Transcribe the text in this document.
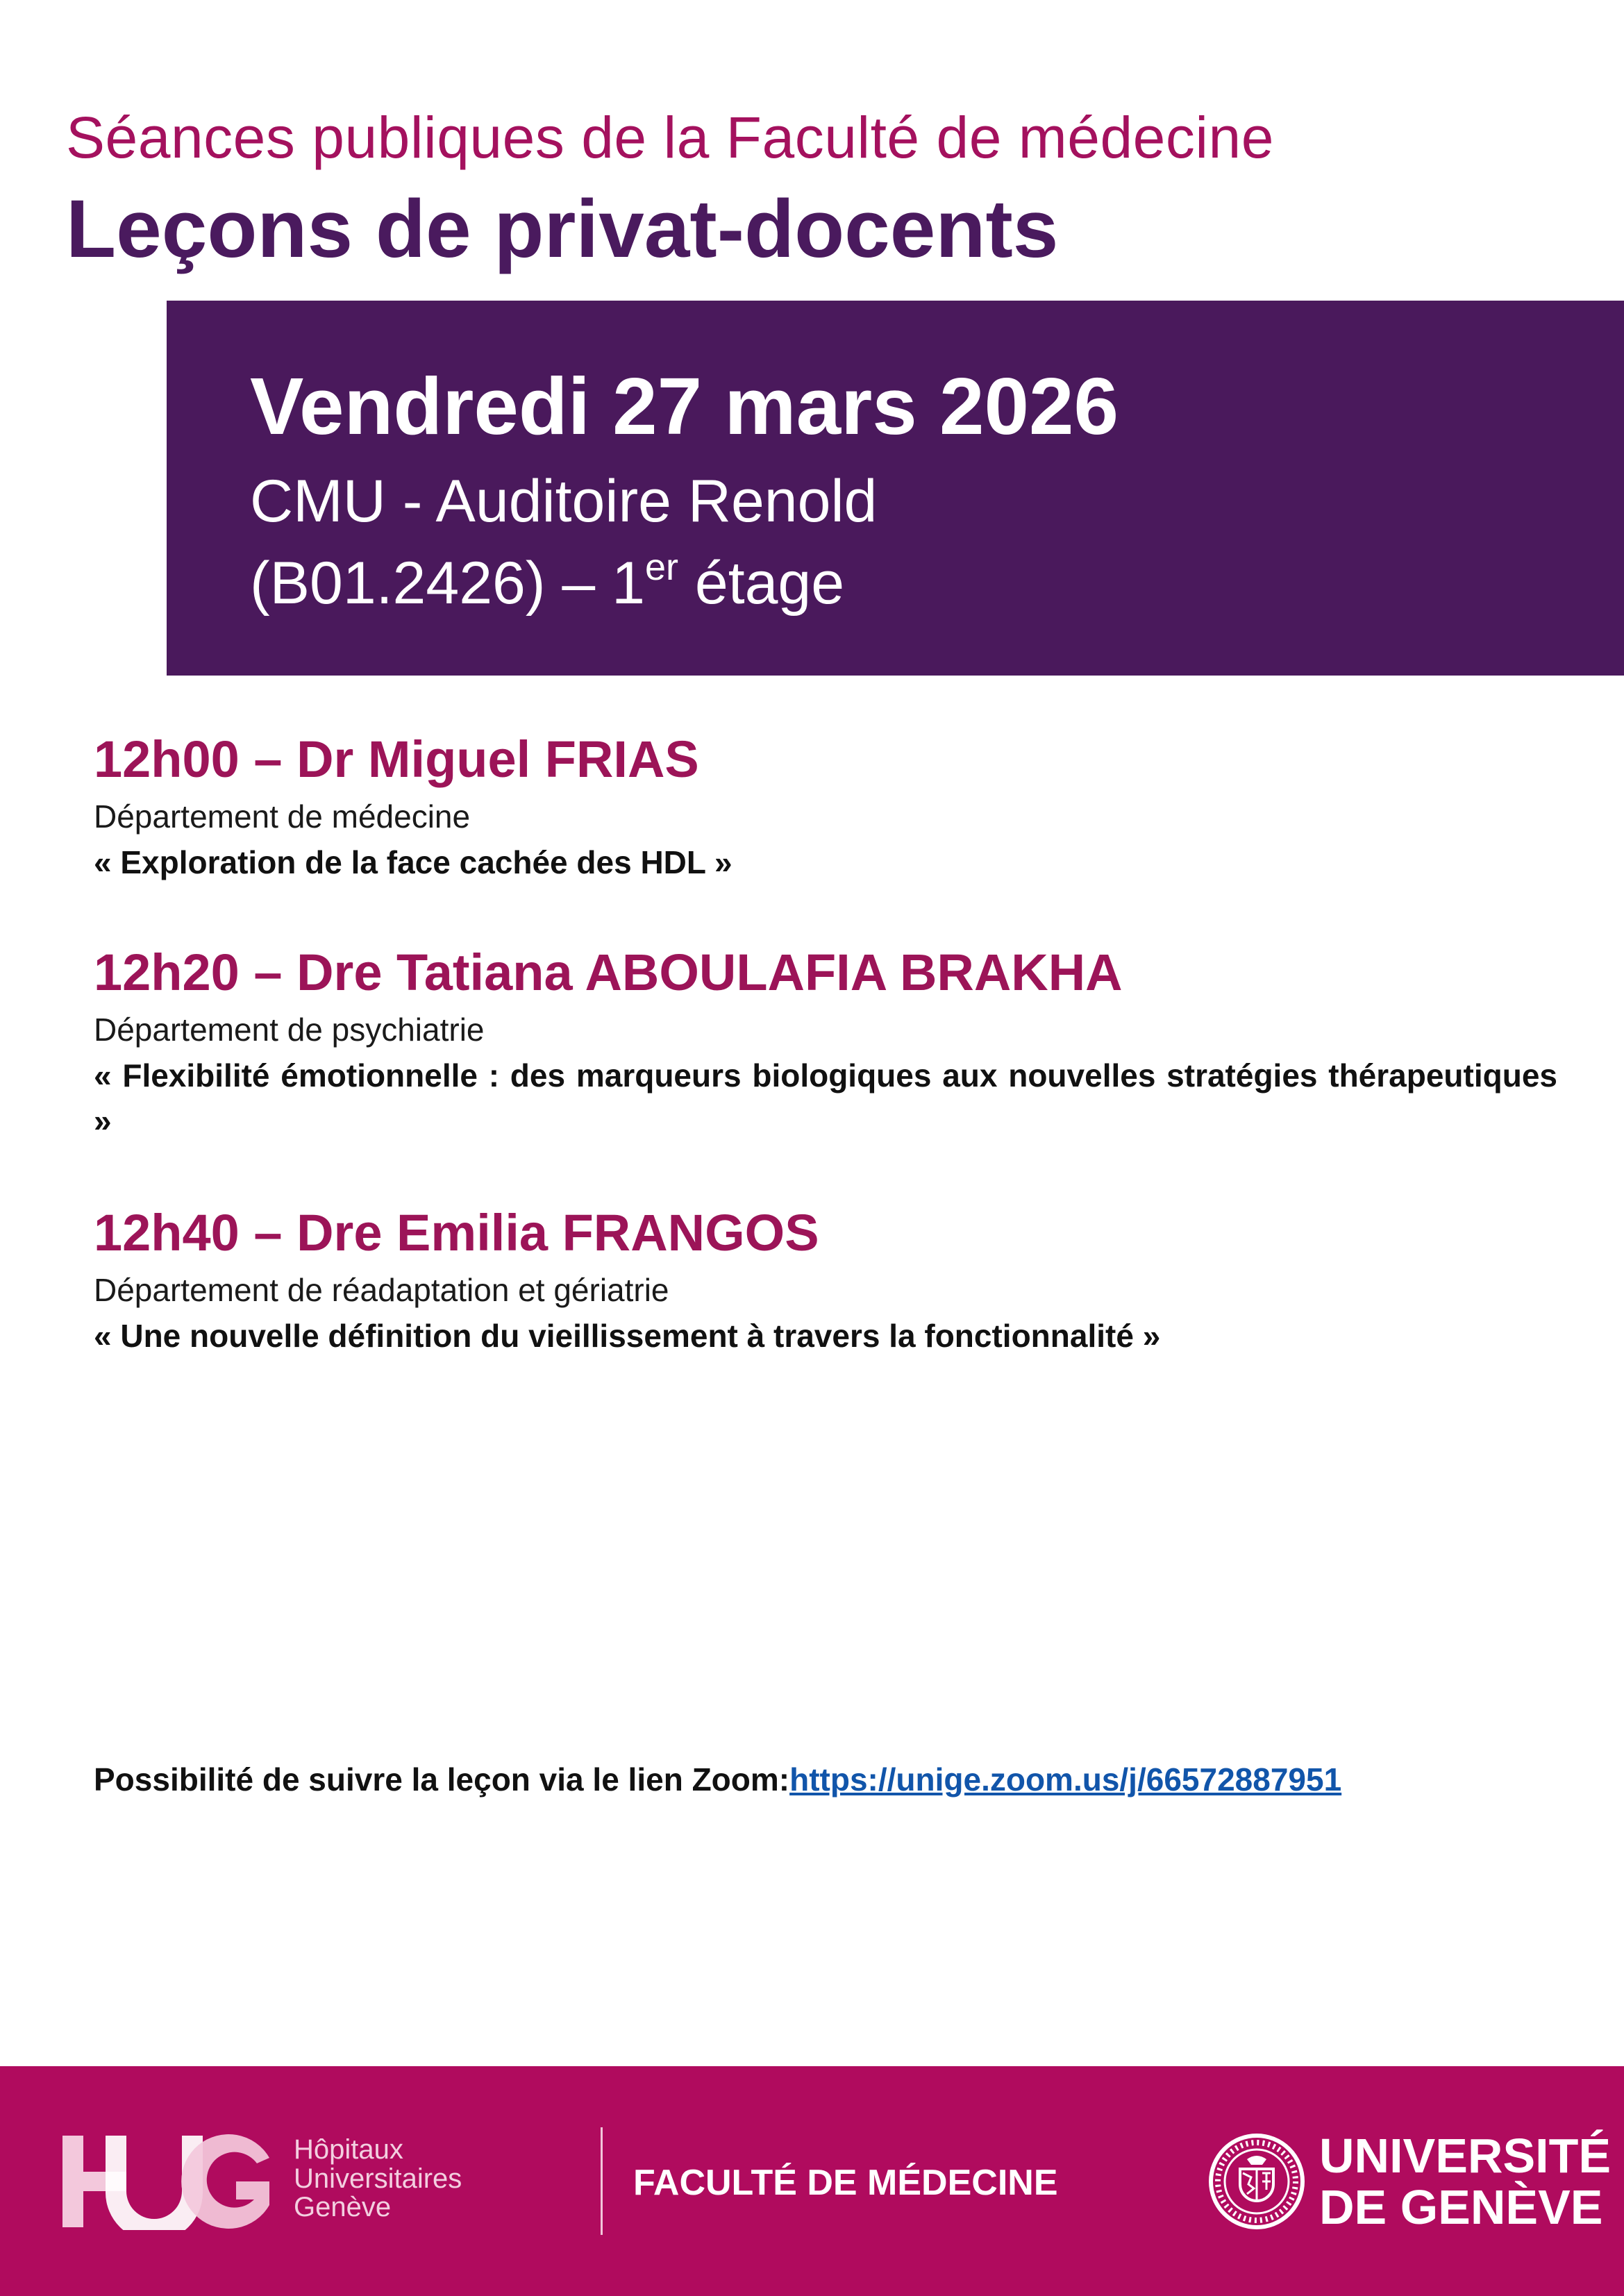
Séances publiques de la Faculté de médecine
Leçons de privat-docents
Vendredi 27 mars 2026
CMU - Auditoire Renold
(B01.2426) – 1er étage
12h00 – Dr Miguel FRIAS
Département de médecine
« Exploration de la face cachée des HDL »
12h20 – Dre Tatiana ABOULAFIA BRAKHA
Département de psychiatrie
« Flexibilité émotionnelle : des marqueurs biologiques aux nouvelles stratégies thérapeutiques »
12h40 – Dre Emilia FRANGOS
Département de réadaptation et gériatrie
« Une nouvelle définition du vieillissement à travers la fonctionnalité »
Possibilité de suivre la leçon via le lien Zoom:https://unige.zoom.us/j/66572887951
Hôpitaux
Universitaires
Genève
FACULTÉ DE MÉDECINE	UNIVERSITÉ
DE GENÈVE
